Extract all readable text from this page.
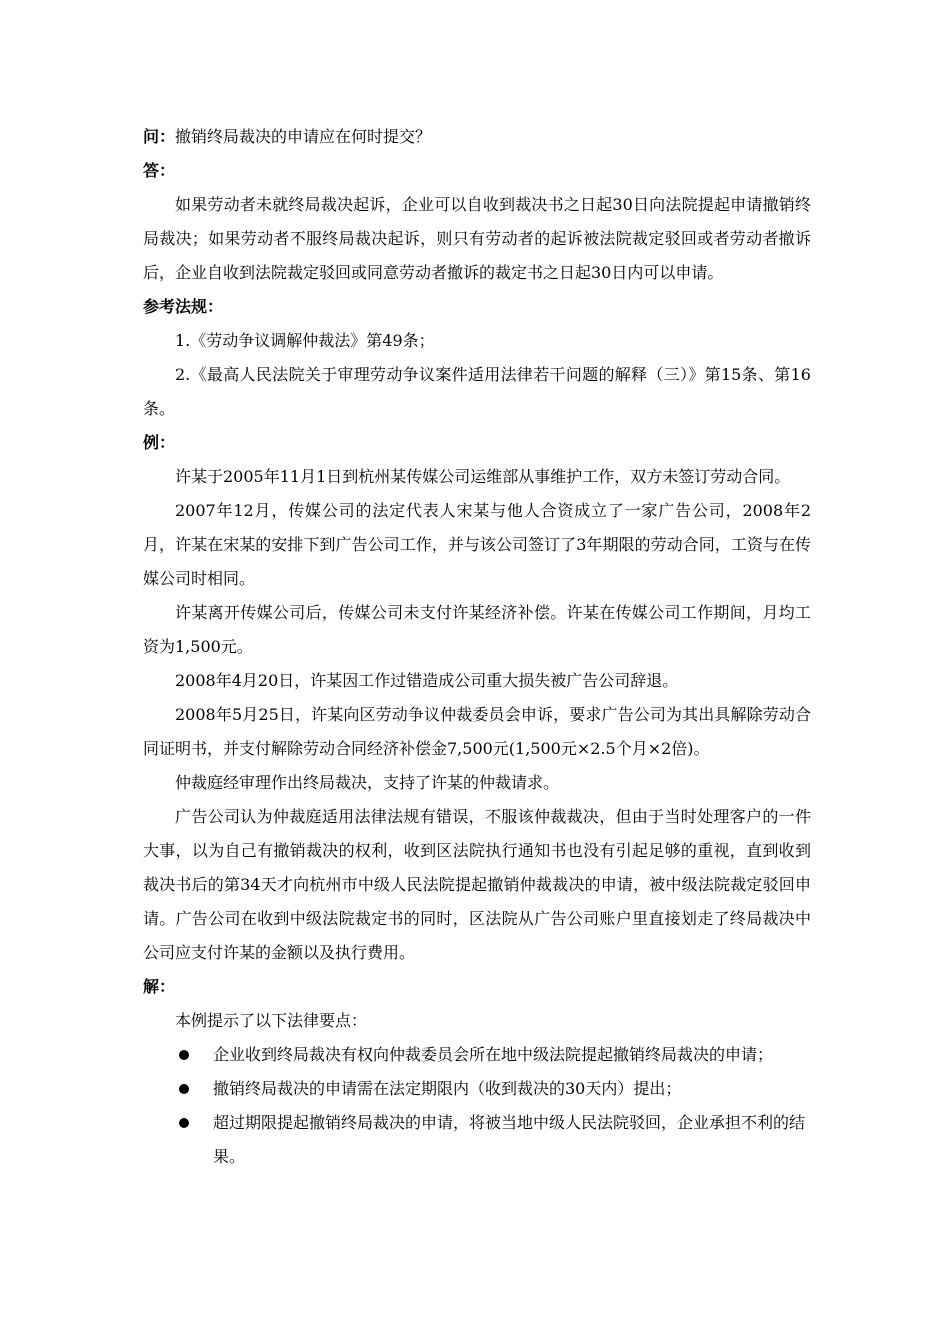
问：撤销终局裁决的申请应在何时提交？

答：

如果劳动者未就终局裁决起诉，企业可以自收到裁决书之日起30日向法院提起申请撤销终局裁决；如果劳动者不服终局裁决起诉，则只有劳动者的起诉被法院裁定驳回或者劳动者撤诉后，企业自收到法院裁定驳回或同意劳动者撤诉的裁定书之日起30日内可以申请。

参考法规：

1.《劳动争议调解仲裁法》第49条；

2.《最高人民法院关于审理劳动争议案件适用法律若干问题的解释（三）》第15条、第16条。

例：

许某于2005年11月1日到杭州某传媒公司运维部从事维护工作，双方未签订劳动合同。

2007年12月，传媒公司的法定代表人宋某与他人合资成立了一家广告公司，2008年2月，许某在宋某的安排下到广告公司工作，并与该公司签订了3年期限的劳动合同，工资与在传媒公司时相同。

许某离开传媒公司后，传媒公司未支付许某经济补偿。许某在传媒公司工作期间，月均工资为1,500元。

2008年4月20日，许某因工作过错造成公司重大损失被广告公司辞退。

2008年5月25日，许某向区劳动争议仲裁委员会申诉，要求广告公司为其出具解除劳动合同证明书，并支付解除劳动合同经济补偿金7,500元(1,500元×2.5个月×2倍)。

仲裁庭经审理作出终局裁决，支持了许某的仲裁请求。

广告公司认为仲裁庭适用法律法规有错误，不服该仲裁裁决，但由于当时处理客户的一件大事，以为自己有撤销裁决的权利，收到区法院执行通知书也没有引起足够的重视，直到收到裁决书后的第34天才向杭州市中级人民法院提起撤销仲裁裁决的申请，被中级法院裁定驳回申请。广告公司在收到中级法院裁定书的同时，区法院从广告公司账户里直接划走了终局裁决中公司应支付许某的金额以及执行费用。

解：

本例提示了以下法律要点：

企业收到终局裁决有权向仲裁委员会所在地中级法院提起撤销终局裁决的申请；
撤销终局裁决的申请需在法定期限内（收到裁决的30天内）提出；
超过期限提起撤销终局裁决的申请，将被当地中级人民法院驳回，企业承担不利的结果。
